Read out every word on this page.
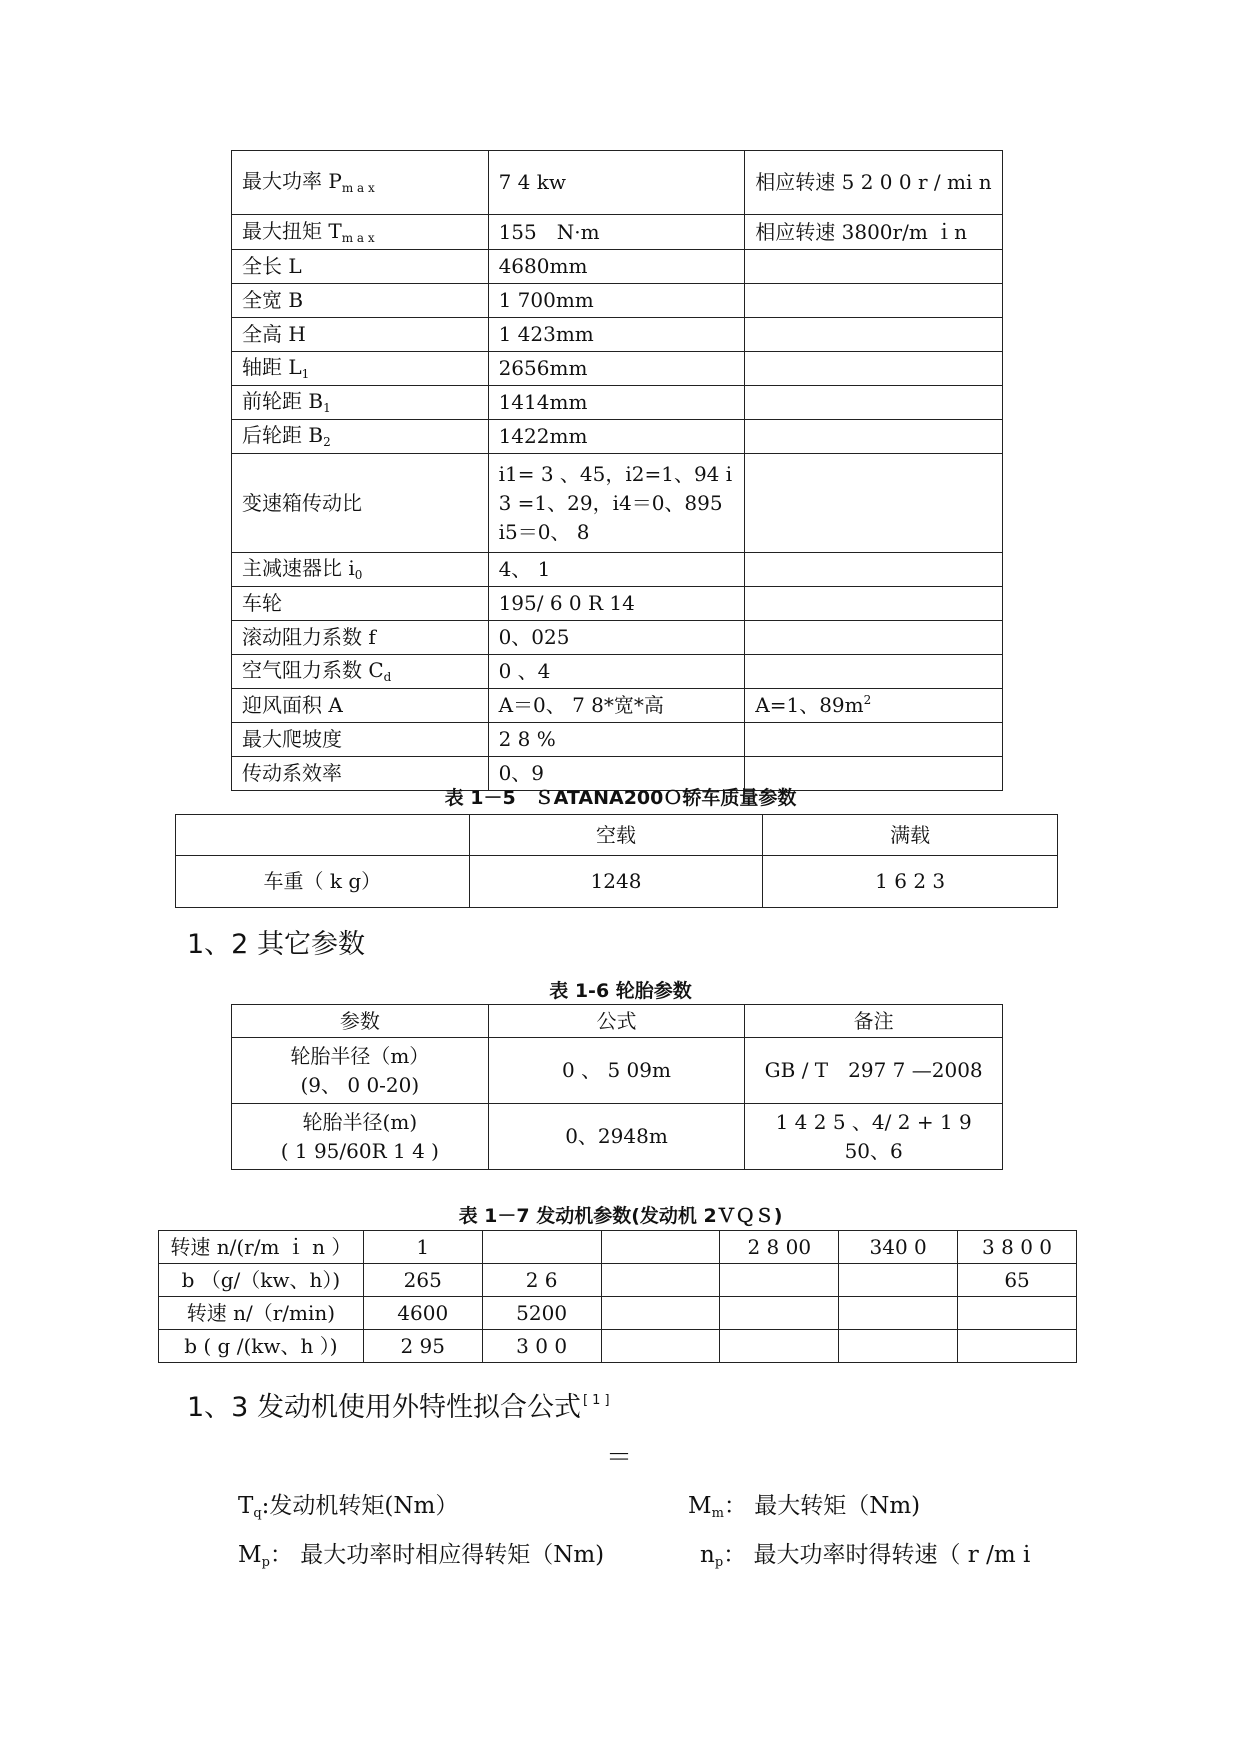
最大功率 $P_{m a x}$	7 4 kw	相应转速 5 2 0 0 r / mi n
最大扭矩 $T_{m a x}$	155　N·m	相应转速 3800r/m ｉn
全长 L	4680mm	
全宽 B	1 700mm	
全高 H	1 423mm	
轴距 $L_1$	2656mm	
前轮距 $B_1$	1414mm	
后轮距 $B_2$	1422mm	
变速箱传动比	i1= 3 、45，i2=1、94 i 3 =1、29，i4＝0、895 i5＝0、 8	
主减速器比 $i_0$	4、 1	
车轮	195/ 6 0 R 14	
滚动阻力系数 f	0、025	
空气阻力系数 $C_d$	0 、4	
迎风面积 A	A＝0、 7 8*宽*高	A=1、$89m^2$
最大爬坡度	2 8 %	
传动系效率	0、9	
表 1－5　ＳATANA200Ｏ轿车质量参数
	空载	满载
车重（ k g）	1248	1 6 2 3
1、2 其它参数
表 1-6 轮胎参数
参数	公式	备注
轮胎半径（m）
(9、 0 0-20)	0 、 5 09m	GB / T　297 7 —2008
轮胎半径(m)
( 1 95/60R 1 4 )	0、2948m	1 4 2 5 、4/ 2 + 1 9 50、6
表 1－7 发动机参数(发动机 2ＶＱＳ)
转速 n/(r/m ｉ n ）	1			2 8 00	340 0	3 8 0 0
b （g/（kw、h）)	265	2 6				65
转速 n/（r/min)	4600	5200				
b ( g /(kw、h ）)	2 95	3 0 0				
1、3 发动机使用外特性拟合公式 [ 1 ]
＝
$T_q$:发动机转矩(Nm）	$M_m$： 最大转矩（Nm)
$M_p$： 最大功率时相应得转矩（Nm)	$n_p$： 最大功率时得转速（ r /m i
